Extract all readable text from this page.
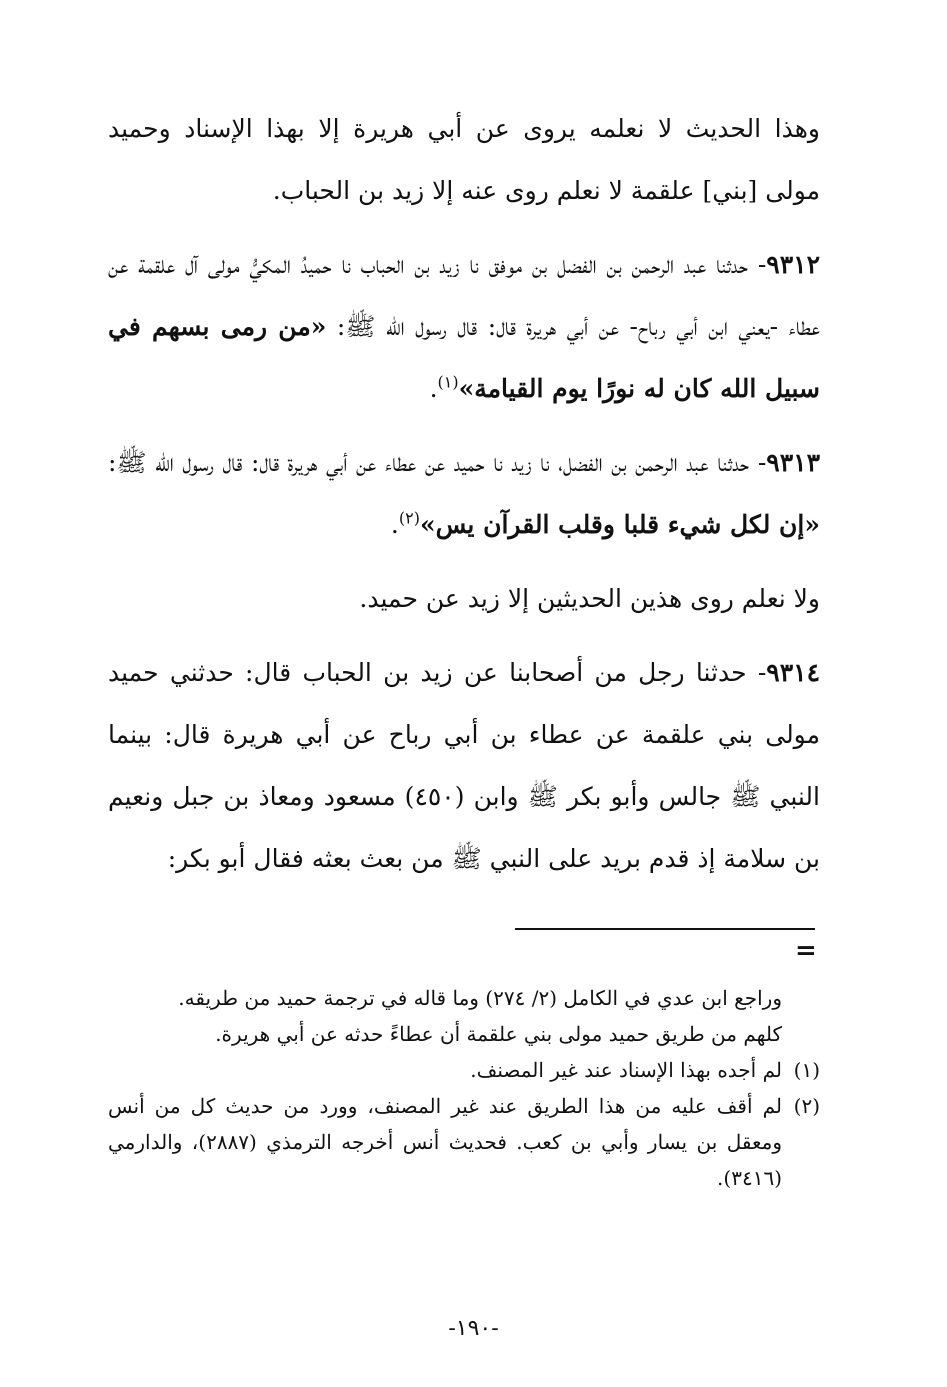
وهذا الحديث لا نعلمه يروى عن أبي هريرة إلا بهذا الإسناد وحميد مولى [بني] علقمة لا نعلم روى عنه إلا زيد بن الحباب.

٩٣١٢- حدثنا عبد الرحمن بن الفضل بن موفق نا زيد بن الحباب نا حميدُ المكيُّ مولى آل علقمة عن عطاء -يعني ابن أبي رباح- عن أبي هريرة قال: قال رسول الله ﷺ: «من رمى بسهم في سبيل الله كان له نورًا يوم القيامة»$^{(١)}$.

٩٣١٣- حدثنا عبد الرحمن بن الفضل، نا زيد نا حميد عن عطاء عن أبي هريرة قال: قال رسول الله ﷺ: «إن لكل شيء قلبا وقلب القرآن يس»$^{(٢)}$.

ولا نعلم روى هذين الحديثين إلا زيد عن حميد.

٩٣١٤- حدثنا رجل من أصحابنا عن زيد بن الحباب قال: حدثني حميد مولى بني علقمة عن عطاء بن أبي رباح عن أبي هريرة قال: بينما النبي ﷺ جالس وأبو بكر ﷺ وابن (٤٥٠) مسعود ومعاذ بن جبل ونعيم بن سلامة إذ قدم بريد على النبي ﷺ من بعث بعثه فقال أبو بكر:

=

وراجع ابن عدي في الكامل (٢/ ٢٧٤) وما قاله في ترجمة حميد من طريقه.

كلهم من طريق حميد مولى بني علقمة أن عطاءً حدثه عن أبي هريرة.

(١)
لم أجده بهذا الإسناد عند غير المصنف.

(٢)
لم أقف عليه من هذا الطريق عند غير المصنف، وورد من حديث كل من أنس ومعقل بن يسار وأبي بن كعب. فحديث أنس أخرجه الترمذي (٢٨٨٧)، والدارمي (٣٤١٦).

-١٩٠-
